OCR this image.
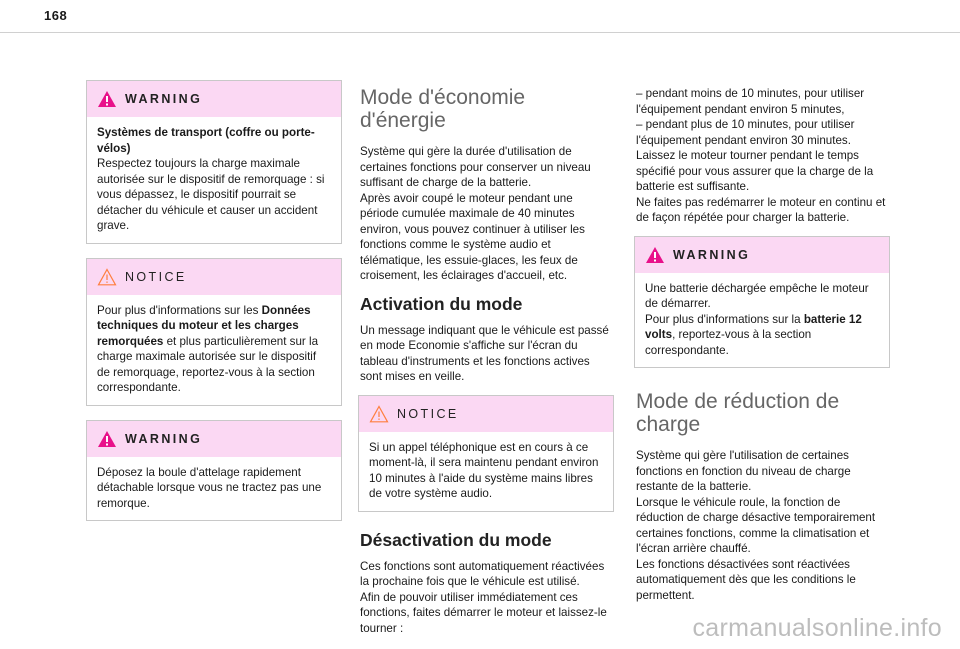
168
WARNING

Systèmes de transport (coffre ou porte-vélos)

Respectez toujours la charge maximale autorisée sur le dispositif de remorquage : si vous dépassez, le dispositif pourrait se détacher du véhicule et causer un accident grave.

NOTICE

Pour plus d'informations sur les Données techniques du moteur et les charges remorquées et plus particulièrement sur la charge maximale autorisée sur le dispositif de remorquage, reportez-vous à la section correspondante.

WARNING

Déposez la boule d'attelage rapidement détachable lorsque vous ne tractez pas une remorque.

Mode d'économie d'énergie

Système qui gère la durée d'utilisation de certaines fonctions pour conserver un niveau suffisant de charge de la batterie.

Après avoir coupé le moteur pendant une période cumulée maximale de 40 minutes environ, vous pouvez continuer à utiliser les fonctions comme le système audio et télématique, les essuie-glaces, les feux de croisement, les éclairages d'accueil, etc.

Activation du mode

Un message indiquant que le véhicule est passé en mode Economie s'affiche sur l'écran du tableau d'instruments et les fonctions actives sont mises en veille.

NOTICE

Si un appel téléphonique est en cours à ce moment-là, il sera maintenu pendant environ 10 minutes à l'aide du système mains libres de votre système audio.

Désactivation du mode

Ces fonctions sont automatiquement réactivées la prochaine fois que le véhicule est utilisé.

Afin de pouvoir utiliser immédiatement ces fonctions, faites démarrer le moteur et laissez-le tourner :

– pendant moins de 10 minutes, pour utiliser l'équipement pendant environ 5 minutes,

– pendant plus de 10 minutes, pour utiliser l'équipement pendant environ 30 minutes.

Laissez le moteur tourner pendant le temps spécifié pour vous assurer que la charge de la batterie est suffisante.

Ne faites pas redémarrer le moteur en continu et de façon répétée pour charger la batterie.

WARNING

Une batterie déchargée empêche le moteur de démarrer.

Pour plus d'informations sur la batterie 12 volts, reportez-vous à la section correspondante.

Mode de réduction de charge

Système qui gère l'utilisation de certaines fonctions en fonction du niveau de charge restante de la batterie.

Lorsque le véhicule roule, la fonction de réduction de charge désactive temporairement certaines fonctions, comme la climatisation et l'écran arrière chauffé.

Les fonctions désactivées sont réactivées automatiquement dès que les conditions le permettent.

carmanualsonline.info
